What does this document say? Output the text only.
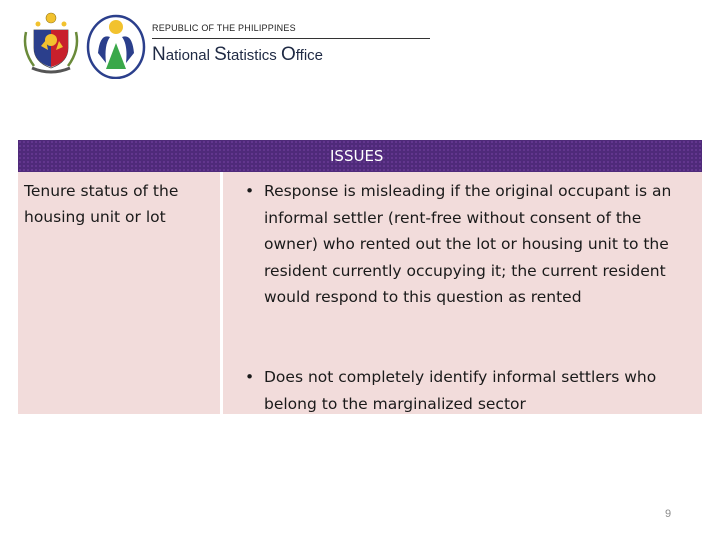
REPUBLIC OF THE PHILIPPINES
National Statistics Office
ISSUES
Tenure status of the housing unit or lot
• Response is misleading if the original occupant is an informal settler (rent-free without consent of the owner) who rented out the lot or housing unit to the resident currently occupying it; the current resident would respond to this question as rented
• Does not completely identify informal settlers who belong to the marginalized sector
9
